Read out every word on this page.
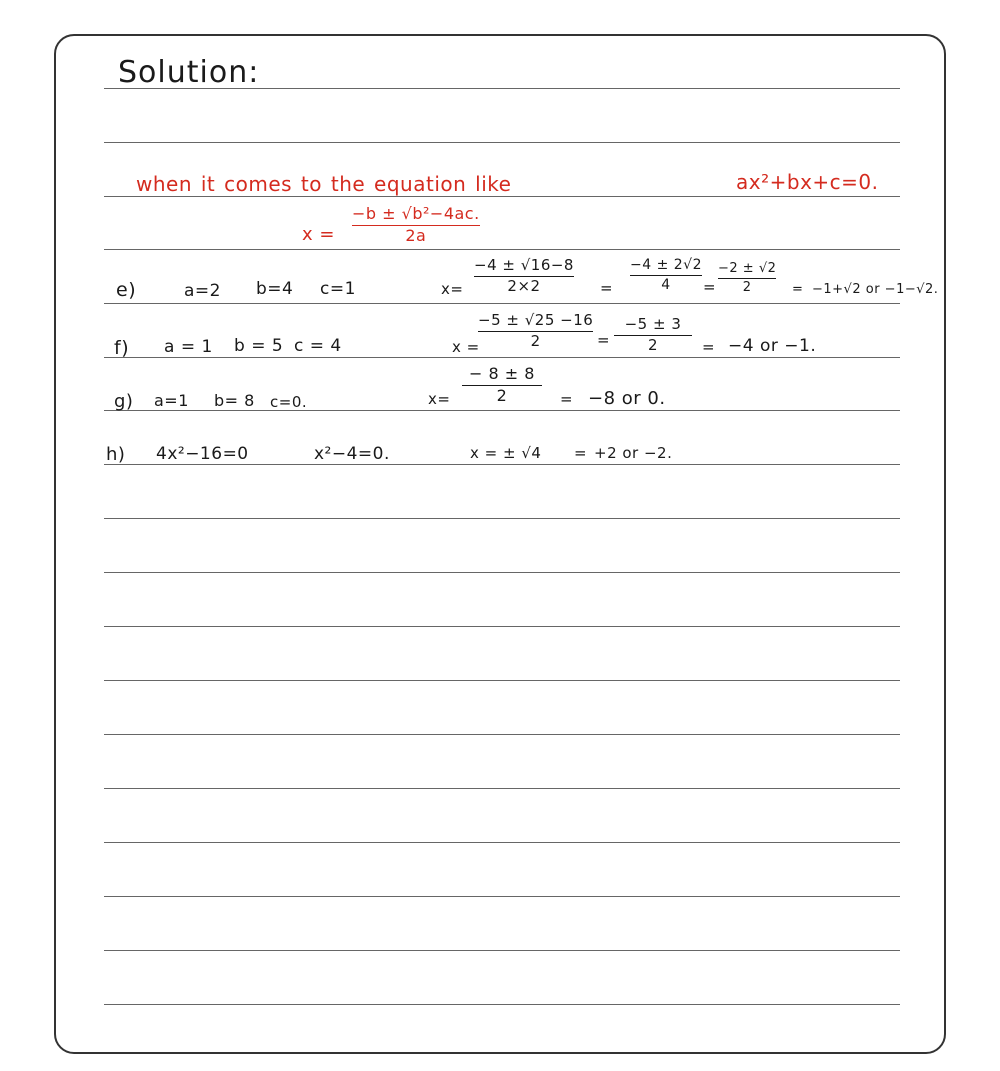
Solution:
when it comes to the equation like	ax²+bx+c=0.
x =
−b ± √b²−4ac.
2a
e)	a=2 b=4 c=1	x=
−4 ± √16−8
2×2	=
−4 ± 2√2
4 =
−2 ± √2
2	= −1+√2 or −1−√2.
f) a = 1 b = 5 c = 4	x =
−5 ± √25 −16
2	=
−5 ± 3
2	= −4 or −1.
g) a=1 b= 8 c=0.	x=
− 8 ± 8
2	= −8 or 0.
h) 4x²−16=0	x²−4=0.	x = ± √4 = +2 or −2.
